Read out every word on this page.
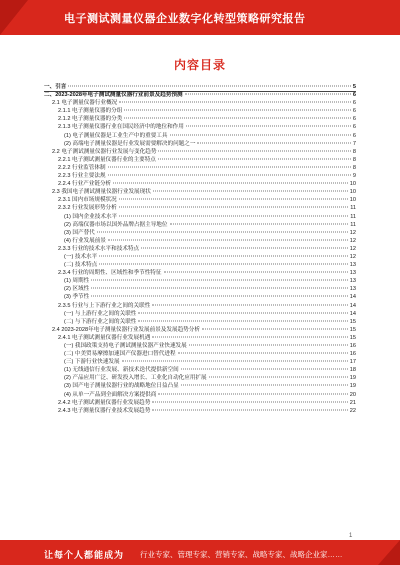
电子测试测量仪器企业数字化转型策略研究报告
内容目录
一、引言	5
二、2023-2028年电子测试测量仪器行业前景及趋势预测	6
2.1 电子测量仪器行业概况	6
2.1.1 电子测量仪器的分组	6
2.1.2 电子测量仪器的分类	6
2.1.3 电子测量仪器行业在国民经济中的地位和作用	6
(1) 电子测量仪器是工业生产中的重要工具	6
(2) 高端电子测量仪器是行业发展需要解决的问题之一	7
2.2 电子测试测量仪器行业发展与变化趋势	8
2.2.1 电子测试测量仪器行业的主要特点	8
2.2.2 行业监管体制	8
2.2.3 行业主要法规	9
2.2.4 行业产业链分析	10
2.3 我国电子测试测量仪器行业发展现状	10
2.3.1 国内市场规模状况	10
2.3.2 行业发展形势分析	11
(1) 国内企业技术水平	11
(2) 高端仪器市场以国外品牌占据主导地位	11
(3) 国产替代	12
(4) 行业发展前景	12
2.3.3 行业的技术水平和技术特点	12
(一) 技术水平	12
(二) 技术特点	13
2.3.4 行业的周期性、区域性和季节性特征	13
(1) 周期性	13
(2) 区域性	13
(3) 季节性	14
2.3.5 行业与上下游行业之间的关联性	14
(一) 与上游行业之间的关联性	14
(二) 与下游行业之间的关联性	15
2.4 2023-2028年电子测量仪器行业发展前景及发展趋势分析	15
2.4.1 电子测试测量仪器行业发展机遇	15
(一) 我国政策支持电子测试测量仪器产业快速发展	16
(二) 中美贸易摩擦加速国产仪器进口替代进程	16
(三) 下游行业快速发展	17
(1) 无线通信行业发展、新技术迭代提供新空间	18
(2) 产品应用广泛、研发投入增长、工业化自动化应用扩展	19
(3) 国产电子测量仪器行业的战略地位日益凸显	19
(4) 从单一产品到全面解决方案提供商	20
2.4.2 电子测试测量仪器行业发展趋势	21
2.4.3 电子测量仪器行业技术发展趋势	22
1
让每个人都能成为 行业专家、管理专家、营销专家、战略专家、战略企业家……
